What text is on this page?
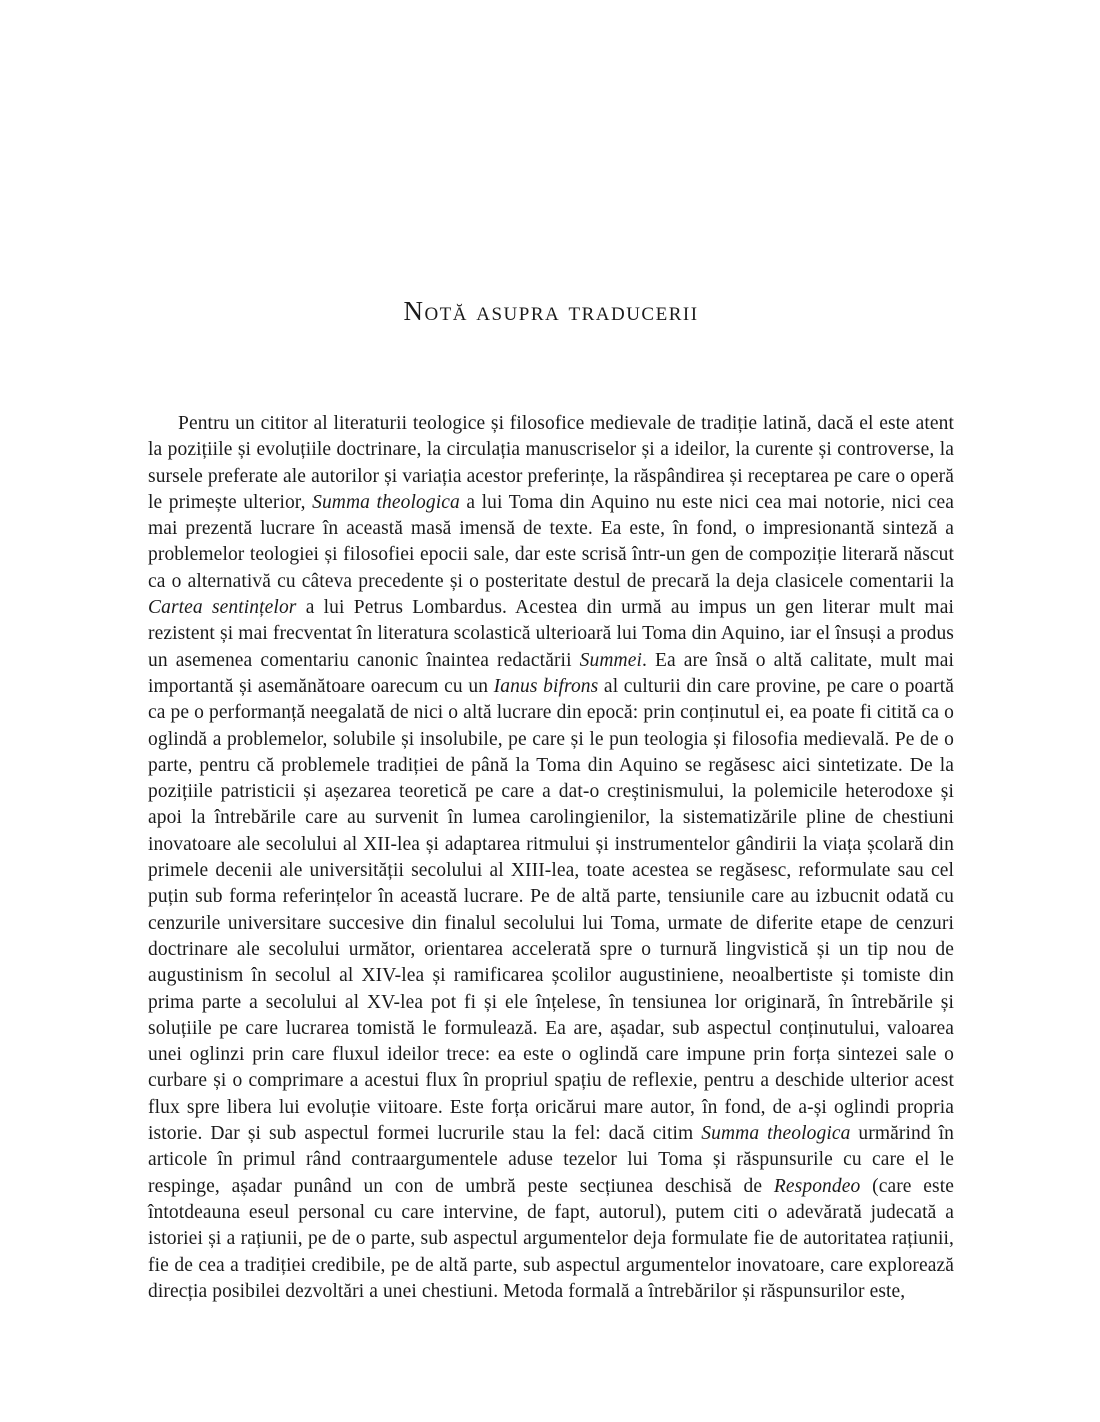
Notă asupra traducerii

Pentru un cititor al literaturii teologice și filosofice medievale de tradiție latină, dacă el este atent la pozițiile și evoluțiile doctrinare, la circulația manuscriselor și a ideilor, la curente și controverse, la sursele preferate ale autorilor și variația acestor preferințe, la răspândirea și receptarea pe care o operă le primește ulterior, Summa theologica a lui Toma din Aquino nu este nici cea mai notorie, nici cea mai prezentă lucrare în această masă imensă de texte. Ea este, în fond, o impresionantă sinteză a problemelor teologiei și filosofiei epocii sale, dar este scrisă într-un gen de compoziție literară născut ca o alternativă cu câteva precedente și o posteritate destul de precară la deja clasicele comentarii la Cartea sentințelor a lui Petrus Lombardus. Acestea din urmă au impus un gen literar mult mai rezistent și mai frecventat în literatura scolastică ulterioară lui Toma din Aquino, iar el însuși a produs un asemenea comentariu canonic înaintea redactării Summei. Ea are însă o altă calitate, mult mai importantă și asemănătoare oarecum cu un Ianus bifrons al culturii din care provine, pe care o poartă ca pe o performanță neegalată de nici o altă lucrare din epocă: prin conținutul ei, ea poate fi citită ca o oglindă a problemelor, solubile și insolubile, pe care și le pun teologia și filosofia medievală. Pe de o parte, pentru că problemele tradiției de până la Toma din Aquino se regăsesc aici sintetizate. De la pozițiile patristicii și așezarea teoretică pe care a dat-o creștinismului, la polemicile heterodoxe și apoi la întrebările care au survenit în lumea carolingienilor, la sistematizările pline de chestiuni inovatoare ale secolului al XII-lea și adaptarea ritmului și instrumentelor gândirii la viața școlară din primele decenii ale universității secolului al XIII-lea, toate acestea se regăsesc, reformulate sau cel puțin sub forma referințelor în această lucrare. Pe de altă parte, tensiunile care au izbucnit odată cu cenzurile universitare succesive din finalul secolului lui Toma, urmate de diferite etape de cenzuri doctrinare ale secolului următor, orientarea accelerată spre o turnură lingvistică și un tip nou de augustinism în secolul al XIV-lea și ramificarea școlilor augustiniene, neoalbertiste și tomiste din prima parte a secolului al XV-lea pot fi și ele înțelese, în tensiunea lor originară, în întrebările și soluțiile pe care lucrarea tomistă le formulează. Ea are, așadar, sub aspectul conținutului, valoarea unei oglinzi prin care fluxul ideilor trece: ea este o oglindă care impune prin forța sintezei sale o curbare și o comprimare a acestui flux în propriul spațiu de reflexie, pentru a deschide ulterior acest flux spre libera lui evoluție viitoare. Este forța oricărui mare autor, în fond, de a-și oglindi propria istorie. Dar și sub aspectul formei lucrurile stau la fel: dacă citim Summa theologica urmărind în articole în primul rând contraargumentele aduse tezelor lui Toma și răspunsurile cu care el le respinge, așadar punând un con de umbră peste secțiunea deschisă de Respondeo (care este întotdeauna eseul personal cu care intervine, de fapt, autorul), putem citi o adevărată judecată a istoriei și a rațiunii, pe de o parte, sub aspectul argumentelor deja formulate fie de autoritatea rațiunii, fie de cea a tradiției credibile, pe de altă parte, sub aspectul argumentelor inovatoare, care explorează direcția posibilei dezvoltări a unei chestiuni. Metoda formală a întrebărilor și răspunsurilor este,
